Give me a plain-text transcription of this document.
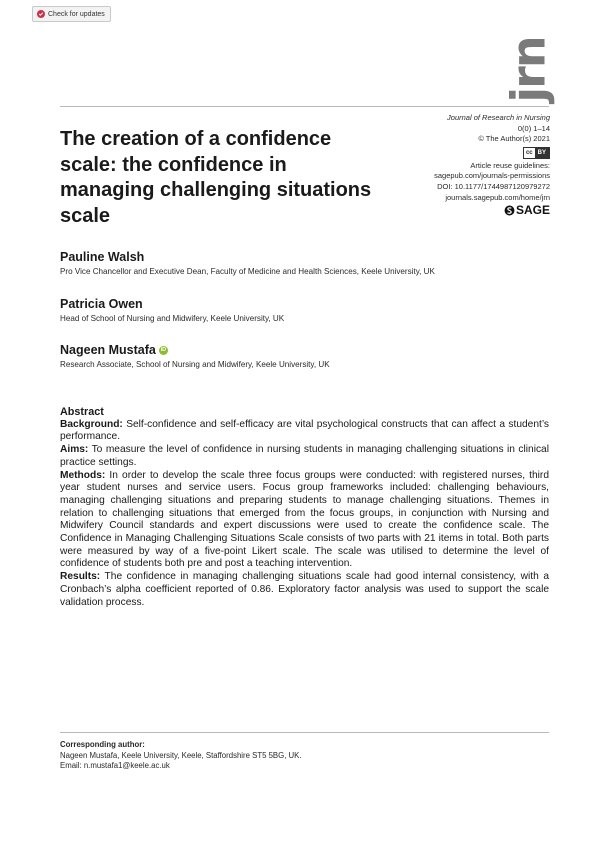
Check for updates
jrn
Journal of Research in Nursing
0(0) 1–14
© The Author(s) 2021
cc BY
Article reuse guidelines:
sagepub.com/journals-permissions
DOI: 10.1177/17449871209792​72
journals.sagepub.com/home/jrn
SAGE
The creation of a confidence scale: the confidence in managing challenging situations scale
Pauline Walsh
Pro Vice Chancellor and Executive Dean, Faculty of Medicine and Health Sciences, Keele University, UK
Patricia Owen
Head of School of Nursing and Midwifery, Keele University, UK
Nageen Mustafa iD
Research Associate, School of Nursing and Midwifery, Keele University, UK
Abstract

Background: Self-confidence and self-efficacy are vital psychological constructs that can affect a student’s performance.

Aims: To measure the level of confidence in nursing students in managing challenging situations in clinical practice settings.

Methods: In order to develop the scale three focus groups were conducted: with registered nurses, third year student nurses and service users. Focus group frameworks included: challenging behaviours, managing challenging situations and preparing students to manage challenging situations. Themes in relation to challenging situations that emerged from the focus groups, in conjunction with Nursing and Midwifery Council standards and expert discussions were used to create the confidence scale. The Confidence in Managing Challenging Situations Scale consists of two parts with 21 items in total. Both parts were measured by way of a five-point Likert scale. The scale was utilised to determine the level of confidence of students both pre and post a teaching intervention.

Results: The confidence in managing challenging situations scale had good internal consistency, with a Cronbach’s alpha coefficient reported of 0.86. Exploratory factor analysis was used to support the scale validation process.

Corresponding author:
Nageen Mustafa, Keele University, Keele, Staffordshire ST5 5BG, UK.
Email: n.mustafa1@keele.ac.uk
